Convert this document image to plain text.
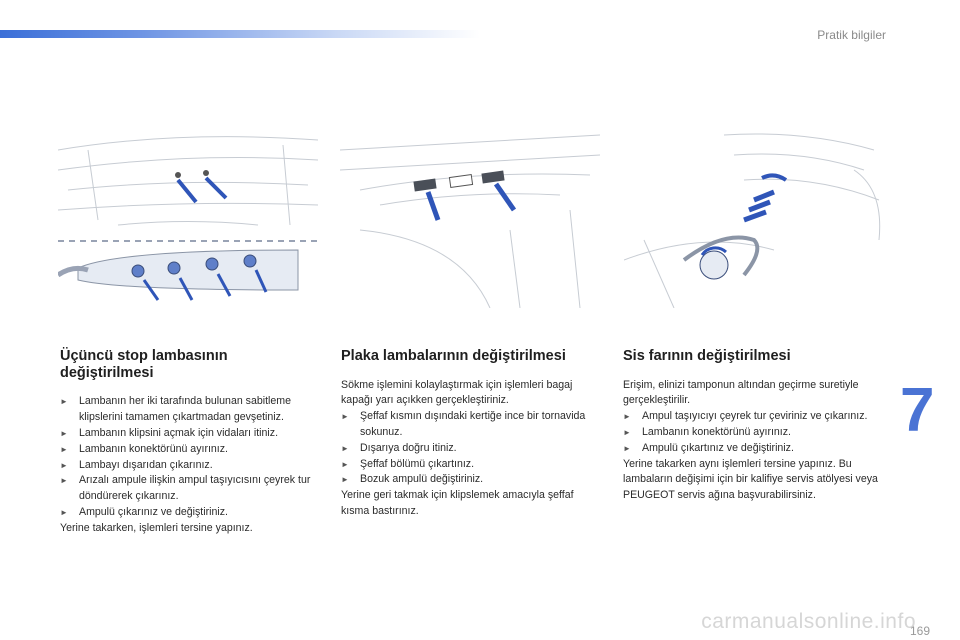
Pratik bilgiler
7
Üçüncü stop lambasının değiştirilmesi
► Lambanın her iki tarafında bulunan sabitleme klipslerini tamamen çıkartmadan gevşetiniz.
► Lambanın klipsini açmak için vidaları itiniz.
► Lambanın konektörünü ayırınız.
► Lambayı dışarıdan çıkarınız.
► Arızalı ampule ilişkin ampul taşıyıcısını çeyrek tur döndürerek çıkarınız.
► Ampulü çıkarınız ve değiştiriniz.

Yerine takarken, işlemleri tersine yapınız.

Plaka lambalarının değiştirilmesi

Sökme işlemini kolaylaştırmak için işlemleri bagaj kapağı yarı açıkken gerçekleştiriniz.

► Şeffaf kısmın dışındaki kertiğe ince bir tornavida sokunuz.
► Dışarıya doğru itiniz.
► Şeffaf bölümü çıkartınız.
► Bozuk ampulü değiştiriniz.

Yerine geri takmak için klipslemek amacıyla şeffaf kısma bastırınız.

Sis farının değiştirilmesi

Erişim, elinizi tamponun altından geçirme suretiyle gerçekleştirilir.

► Ampul taşıyıcıyı çeyrek tur çeviriniz ve çıkarınız.
► Lambanın konektörünü ayırınız.
► Ampulü çıkartınız ve değiştiriniz.

Yerine takarken aynı işlemleri tersine yapınız. Bu lambaların değişimi için bir kalifiye servis atölyesi veya PEUGEOT servis ağına başvurabilirsiniz.

carmanualsonline.info
169
